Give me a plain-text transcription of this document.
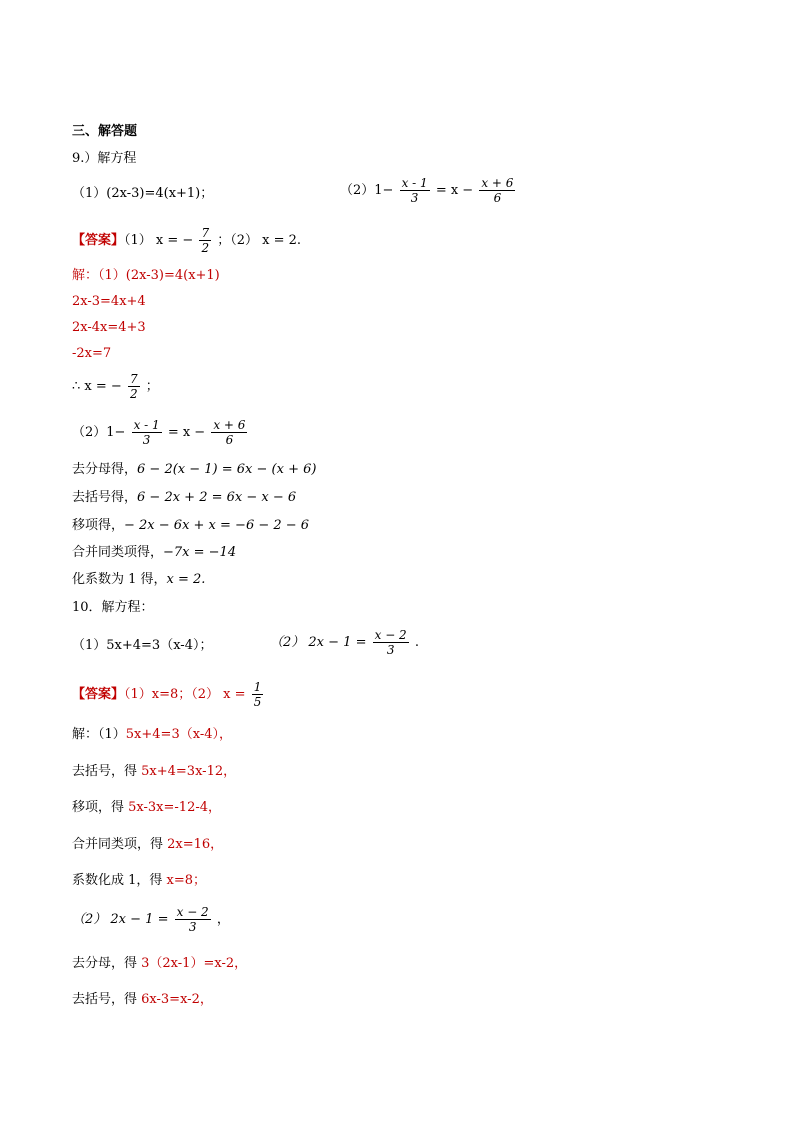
三、解答题
9.）解方程
（1）(2x-3)=4(x+1)；	$(2)1- \frac{x - 1}{3} = x - \frac{x + 6}{6}$
【答案】（1） x = − $\frac{7}{2}$ ；（2） x = 2.
解：（1）(2x-3)=4(x+1)
2x-3=4x+4
2x-4x=4+3
-2x=7
∴ x = − $\frac{7}{2}$ ；
$(2)1- \frac{x - 1}{3} = x - \frac{x + 6}{6}$
去分母得，6 − 2(x − 1) = 6x − (x + 6)
去括号得，6 − 2x + 2 = 6x − x − 6
移项得，− 2x − 6x + x = −6 − 2 − 6
合并同类项得，−7x = −14
化系数为 1 得，x = 2.
10．解方程：
（1）5x+4=3（x-4）；	（2） $2x - 1 = \frac{x - 2}{3}$ .
【答案】（1）x=8；（2） $x = \frac{1}{5}$
解：（1）5x+4=3（x-4），
去括号，得 5x+4=3x-12，
移项，得 5x-3x=-12-4，
合并同类项，得 2x=16，
系数化成 1，得 x=8；
（2） $2x - 1 = \frac{x - 2}{3}$ ，
去分母，得 3（2x-1）=x-2，
去括号，得 6x-3=x-2，
